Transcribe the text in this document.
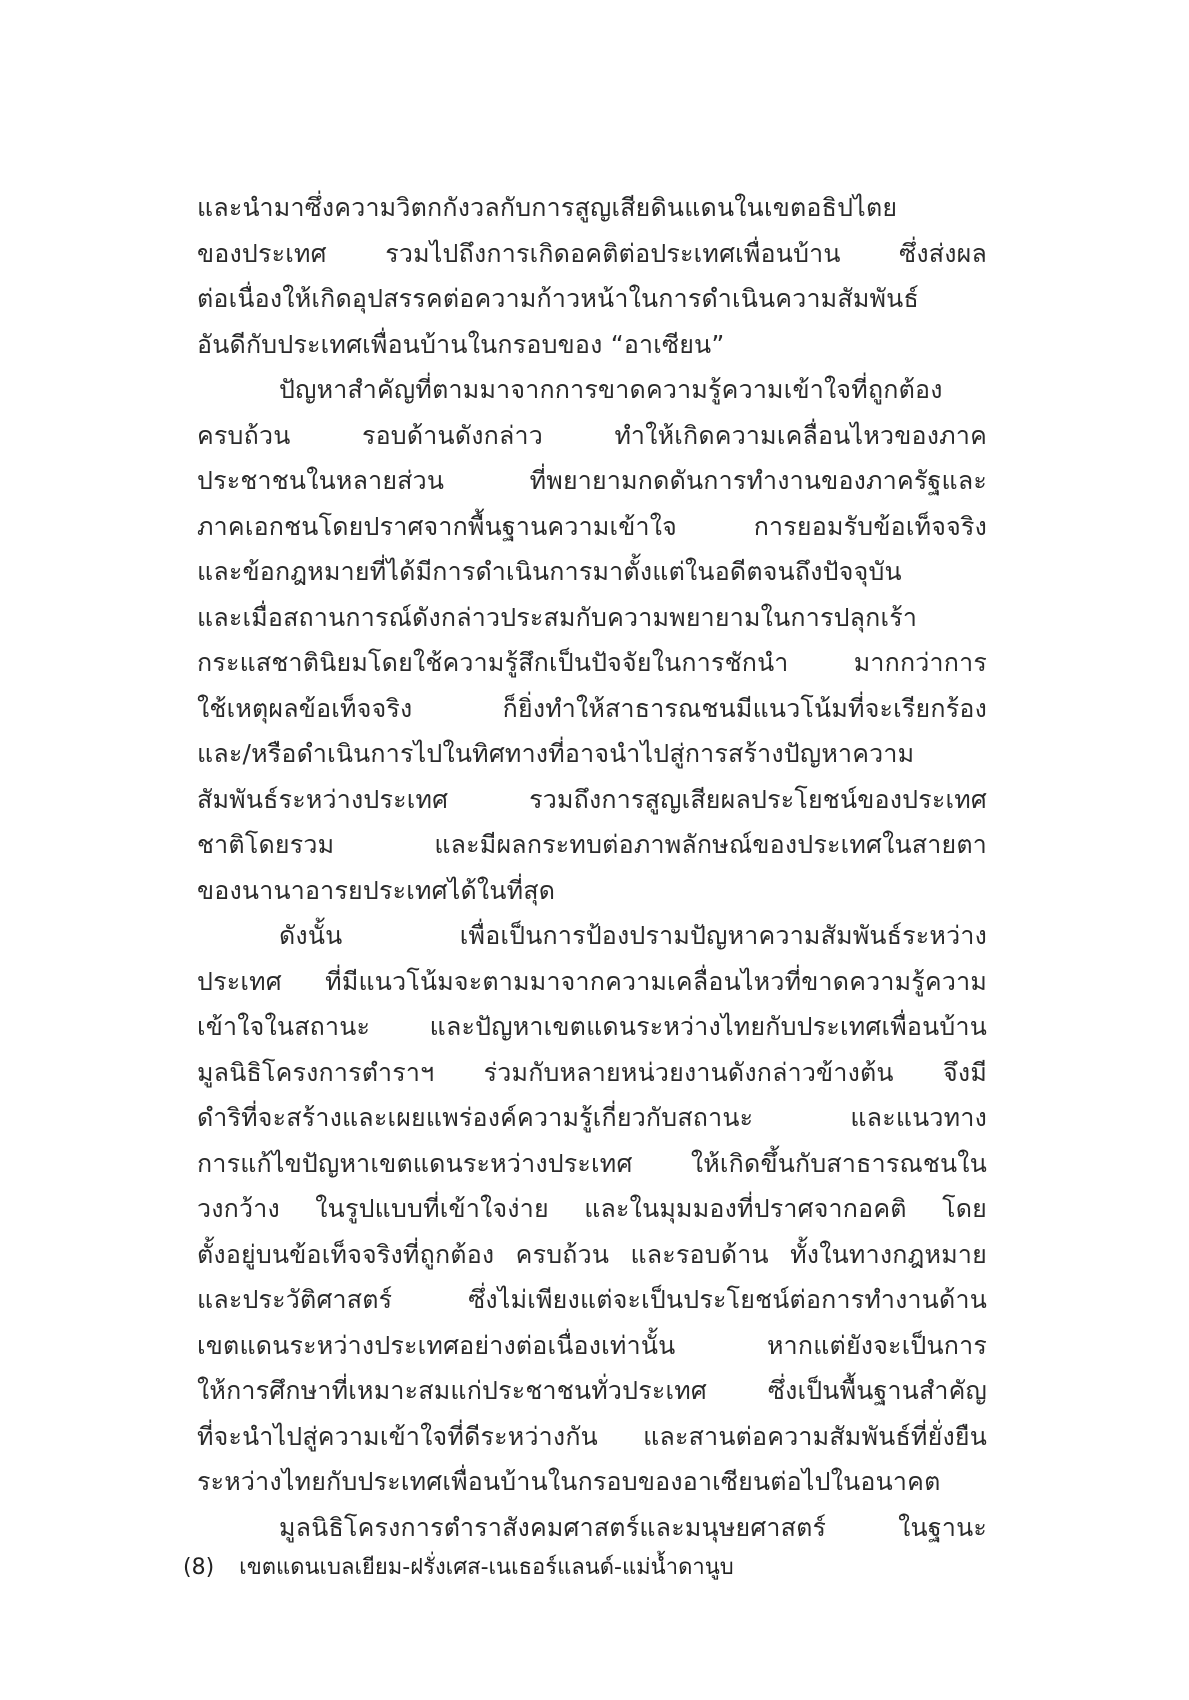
และนำมาซึ่งความวิตกกังวลกับการสูญเสียดินแดนในเขตอธิปไตย
ของประเทศ รวมไปถึงการเกิดอคติต่อประเทศเพื่อนบ้าน ซึ่งส่งผล
ต่อเนื่องให้เกิดอุปสรรคต่อความก้าวหน้าในการดำเนินความสัมพันธ์
อันดีกับประเทศเพื่อนบ้านในกรอบของ “อาเซียน”
ปัญหาสำคัญที่ตามมาจากการขาดความรู้ความเข้าใจที่ถูกต้อง
ครบถ้วน รอบด้านดังกล่าว ทำให้เกิดความเคลื่อนไหวของภาค
ประชาชนในหลายส่วน ที่พยายามกดดันการทำงานของภาครัฐและ
ภาคเอกชนโดยปราศจากพื้นฐานความเข้าใจ การยอมรับข้อเท็จจริง
และข้อกฎหมายที่ได้มีการดำเนินการมาตั้งแต่ในอดีตจนถึงปัจจุบัน
และเมื่อสถานการณ์ดังกล่าวประสมกับความพยายามในการปลุกเร้า
กระแสชาตินิยมโดยใช้ความรู้สึกเป็นปัจจัยในการชักนำ มากกว่าการ
ใช้เหตุผลข้อเท็จจริง ก็ยิ่งทำให้สาธารณชนมีแนวโน้มที่จะเรียกร้อง
และ/หรือดำเนินการไปในทิศทางที่อาจนำไปสู่การสร้างปัญหาความ
สัมพันธ์ระหว่างประเทศ รวมถึงการสูญเสียผลประโยชน์ของประเทศ
ชาติโดยรวม และมีผลกระทบต่อภาพลักษณ์ของประเทศในสายตา
ของนานาอารยประเทศได้ในที่สุด
ดังนั้น เพื่อเป็นการป้องปรามปัญหาความสัมพันธ์ระหว่าง
ประเทศ ที่มีแนวโน้มจะตามมาจากความเคลื่อนไหวที่ขาดความรู้ความ
เข้าใจในสถานะ และปัญหาเขตแดนระหว่างไทยกับประเทศเพื่อนบ้าน
มูลนิธิโครงการตำราฯ ร่วมกับหลายหน่วยงานดังกล่าวข้างต้น จึงมี
ดำริที่จะสร้างและเผยแพร่องค์ความรู้เกี่ยวกับสถานะ และแนวทาง
การแก้ไขปัญหาเขตแดนระหว่างประเทศ ให้เกิดขึ้นกับสาธารณชนใน
วงกว้าง ในรูปแบบที่เข้าใจง่าย และในมุมมองที่ปราศจากอคติ โดย
ตั้งอยู่บนข้อเท็จจริงที่ถูกต้อง ครบถ้วน และรอบด้าน ทั้งในทางกฎหมาย
และประวัติศาสตร์ ซึ่งไม่เพียงแต่จะเป็นประโยชน์ต่อการทำงานด้าน
เขตแดนระหว่างประเทศอย่างต่อเนื่องเท่านั้น หากแต่ยังจะเป็นการ
ให้การศึกษาที่เหมาะสมแก่ประชาชนทั่วประเทศ ซึ่งเป็นพื้นฐานสำคัญ
ที่จะนำไปสู่ความเข้าใจที่ดีระหว่างกัน และสานต่อความสัมพันธ์ที่ยั่งยืน
ระหว่างไทยกับประเทศเพื่อนบ้านในกรอบของอาเซียนต่อไปในอนาคต
มูลนิธิโครงการตำราสังคมศาสตร์และมนุษยศาสตร์ ในฐานะ
(8) เขตแดนเบลเยียม-ฝรั่งเศส-เนเธอร์แลนด์-แม่น้ำดานูบ
